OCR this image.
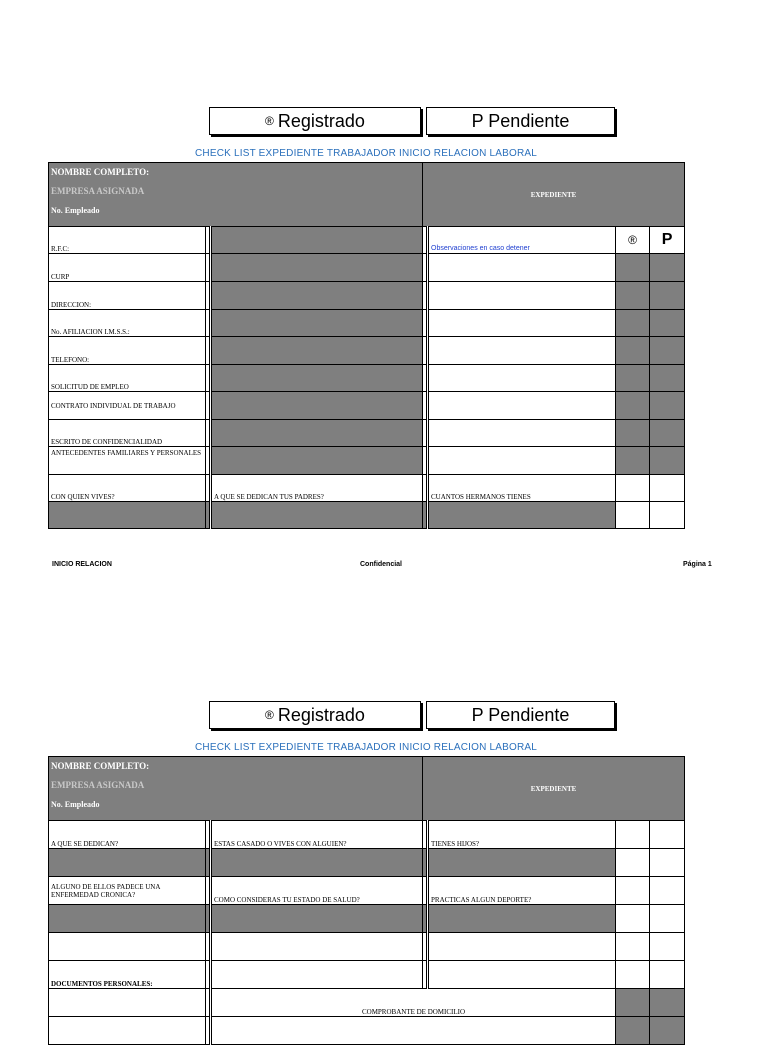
® Registrado	P Pendiente
CHECK LIST EXPEDIENTE TRABAJADOR INICIO RELACION LABORAL
NOMBRE COMPLETO:
EMPRESA ASIGNADA
No. Empleado			EXPEDIENTE			
R.F.C:				Observaciones en caso detener	®	P
CURP						
DIRECCION:						
No. AFILIACION I.M.S.S.:						
TELEFONO:						
SOLICITUD DE EMPLEO						
CONTRATO INDIVIDUAL DE TRABAJO						
ESCRITO DE CONFIDENCIALIDAD						
ANTECEDENTES FAMILIARES Y PERSONALES						
CON QUIEN VIVES?		A QUE SE DEDICAN TUS PADRES?		CUANTOS HERMANOS TIENES		

INICIO RELACION	Confidencial	Página 1
® Registrado	P Pendiente
CHECK LIST EXPEDIENTE TRABAJADOR INICIO RELACION LABORAL
NOMBRE COMPLETO:
EMPRESA ASIGNADA
No. Empleado			EXPEDIENTE			
A QUE SE DEDICAN?		ESTAS CASADO O VIVES CON ALGUIEN?		TIENES HIJOS?		

ALGUNO DE ELLOS PADECE UNA ENFERMEDAD CRONICA?		COMO CONSIDERAS TU ESTADO DE SALUD?		PRACTICAS ALGUN DEPORTE?		

DOCUMENTOS PERSONALES:						
		COMPROBANTE DE DOMICILIO				
